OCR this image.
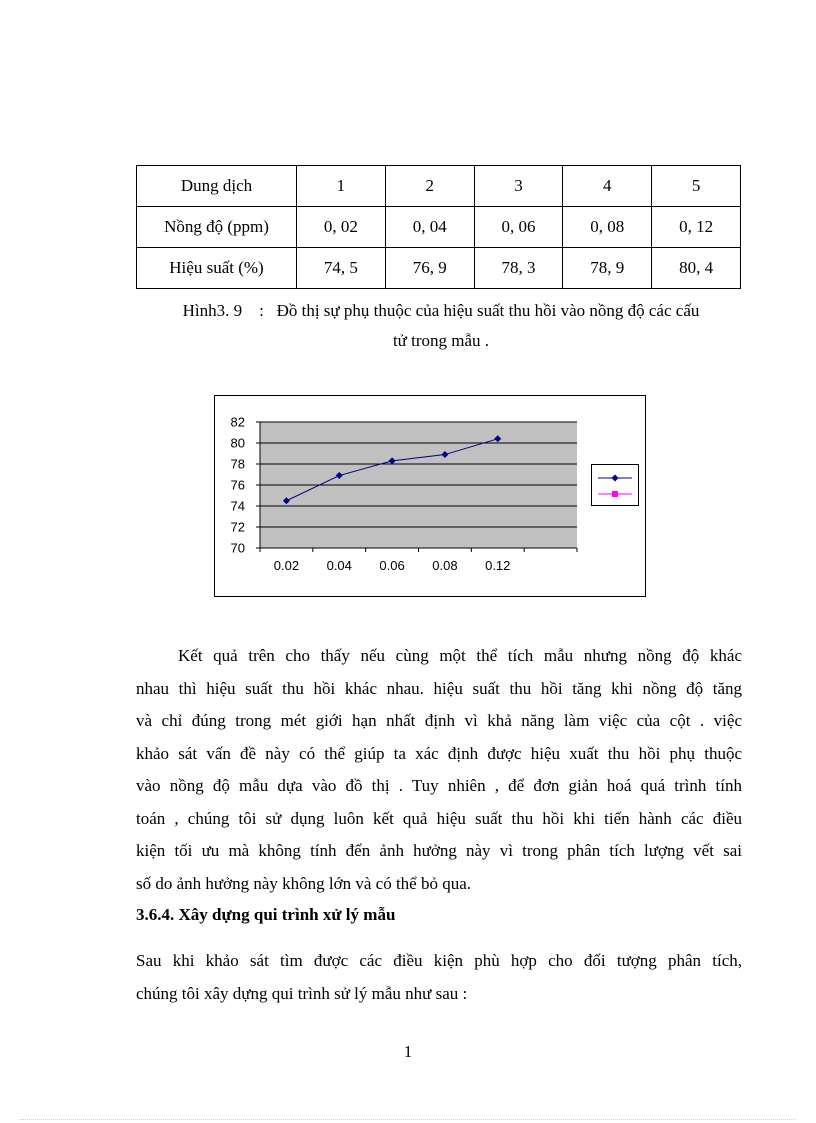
Dung dịch	1	2	3	4	5
Nồng độ (ppm)	0, 02	0, 04	0, 06	0, 08	0, 12
Hiệu suất (%)	74, 5	76, 9	78, 3	78, 9	80, 4
Hình3. 9    :   Đồ thị sự phụ thuộc của hiệu suất thu hồi vào nồng độ các cấu
tử trong mẫu .
70
72
74
76
78
80
82
0.02 0.04 0.06 0.08 0.12
Kết quả trên cho thấy nếu cùng một thể tích mẫu nhưng nồng độ khác
nhau thì hiệu suất thu hồi khác nhau. hiệu suất thu hồi tăng khi nồng độ tăng
và chỉ đúng trong mét giới hạn nhất định vì khả năng làm việc của cột . việc
khảo sát vấn đề này có thể giúp ta xác định được hiệu xuất thu hồi phụ thuộc
vào nồng độ mẫu dựa vào đồ thị . Tuy nhiên , để đơn giản hoá quá trình tính
toán , chúng tôi sử dụng luôn kết quả hiệu suất thu hồi khi tiến hành các điều
kiện tối ưu mà không tính đến ảnh hưởng này vì trong phân tích lượng vết sai
số do ảnh hưởng này không lớn và có thể bỏ qua.
3.6.4. Xây dựng qui trình xử lý mẫu
Sau khi khảo sát tìm được các điều kiện phù hợp cho đối tượng phân tích,
chúng tôi xây dựng qui trình sử lý mẫu như sau :
1
